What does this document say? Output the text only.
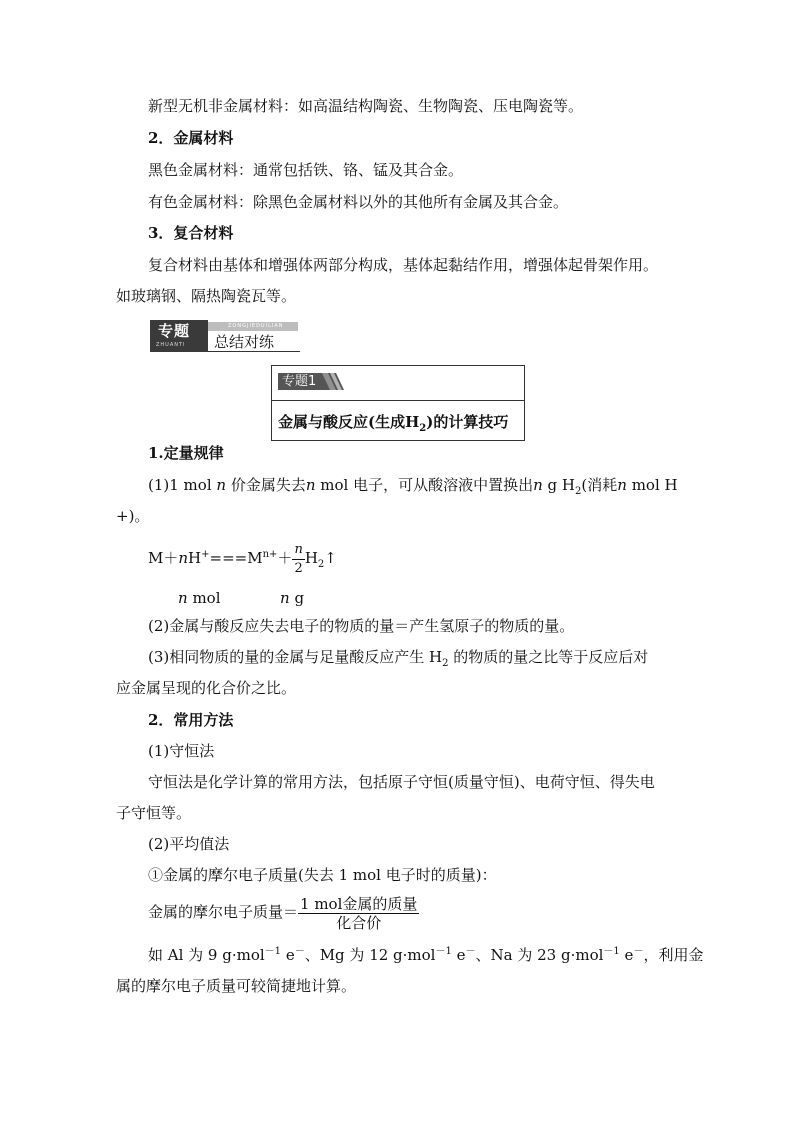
新型无机非金属材料：如高温结构陶瓷、生物陶瓷、压电陶瓷等。
2．金属材料
黑色金属材料：通常包括铁、铬、锰及其合金。
有色金属材料：除黑色金属材料以外的其他所有金属及其合金。
3．复合材料
复合材料由基体和增强体两部分构成，基体起黏结作用，增强体起骨架作用。
如玻璃钢、隔热陶瓷瓦等。
专题
ZHUANTI
ZONGJIEDUILIAN
总结对练
专题1
金属与酸反应(生成$H_2$)的计算技巧
1.定量规律
(1)1 mol n 价金属失去n mol 电子，可从酸溶液中置换出n g $H_2$(消耗n mol H
+)。
$M+nH^+===M^{n+}+ \frac{n}{2}$ $H_2↑$
n mol	n g
(2)金属与酸反应失去电子的物质的量＝产生氢原子的物质的量。
(3)相同物质的量的金属与足量酸反应产生 $H_2$ 的物质的量之比等于反应后对
应金属呈现的化合价之比。
2．常用方法
(1)守恒法
守恒法是化学计算的常用方法，包括原子守恒(质量守恒)、电荷守恒、得失电
子守恒等。
(2)平均值法
①金属的摩尔电子质量(失去 1 mol 电子时的质量)：
金属的摩尔电子质量＝ $\frac{\text{1 mol金属的质量}}{\text{化合价}}$
如 Al 为 9 g·mol$^{-1}$ e－、Mg 为 12 g·mol$^{-1}$ e－、Na 为 23 g·mol$^{-1}$ e－，利用金
属的摩尔电子质量可较简捷地计算。
